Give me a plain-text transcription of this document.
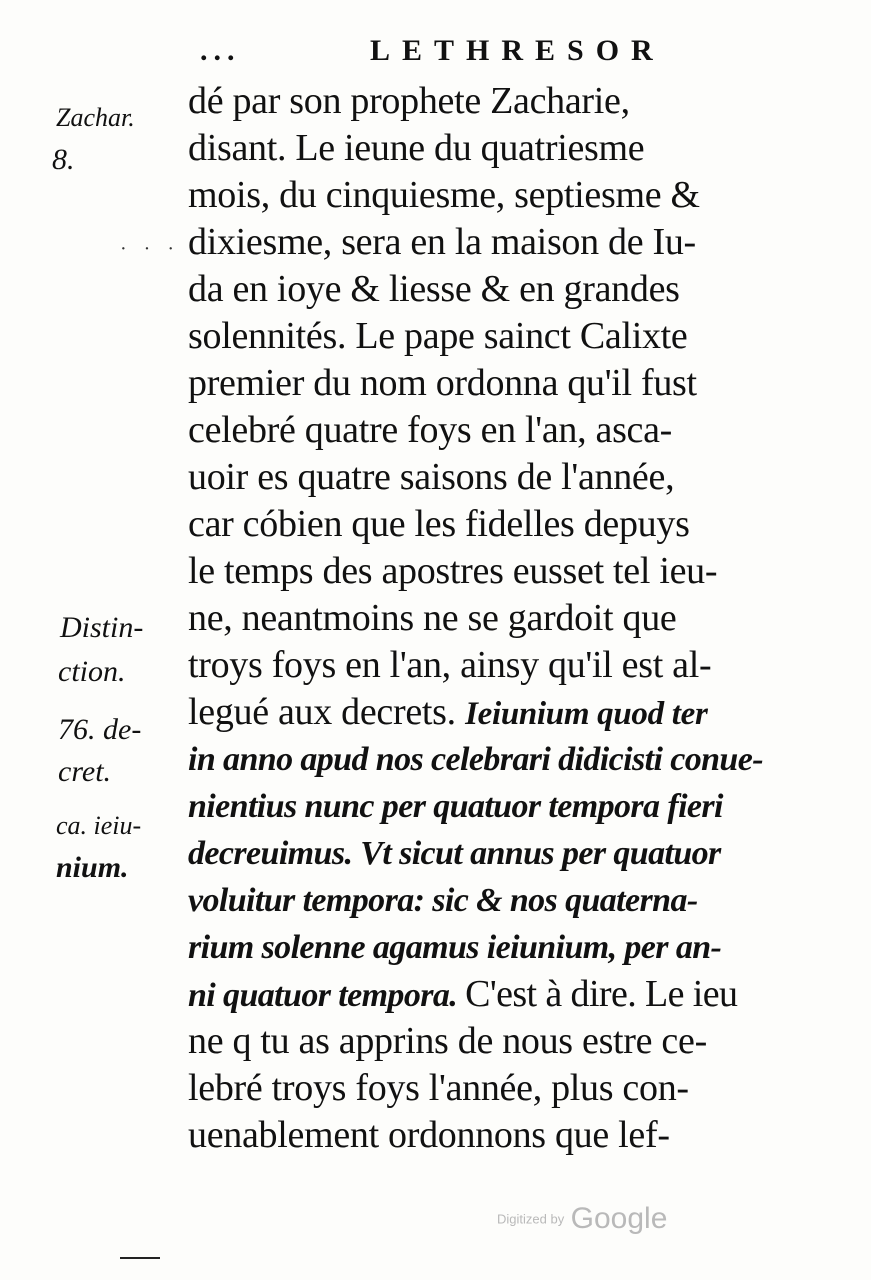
...	LETHRESOR
Zachar.
8.
Distin-
ction.
76. de-
cret.
ca. ieiu-
nium.
dé par son prophete Zacharie,
disant. Le ieune du quatriesme
mois, du cinquiesme, septiesme &
dixiesme, sera en la maison de Iu-
da en ioye & liesse & en grandes
solennités. Le pape sainct Calixte
premier du nom ordonna qu'il fust
celebré quatre foys en l'an, asca-
uoir es quatre saisons de l'année,
car cóbien que les fidelles depuys
le temps des apostres eusset tel ieu-
ne, neantmoins ne se gardoit que
troys foys en l'an, ainsy qu'il est al-
legué aux decrets. Ieiunium quod ter
in anno apud nos celebrari didicisti conue-
nientius nunc per quatuor tempora fieri
decreuimus. Vt sicut annus per quatuor
voluitur tempora: sic & nos quaterna-
rium solenne agamus ieiunium, per an-
ni quatuor tempora. C'est à dire. Le ieu
ne q tu as apprins de nous estre ce-
lebré troys foys l'année, plus con-
uenablement ordonnons que lef-
· · ·
Digitized by Google
